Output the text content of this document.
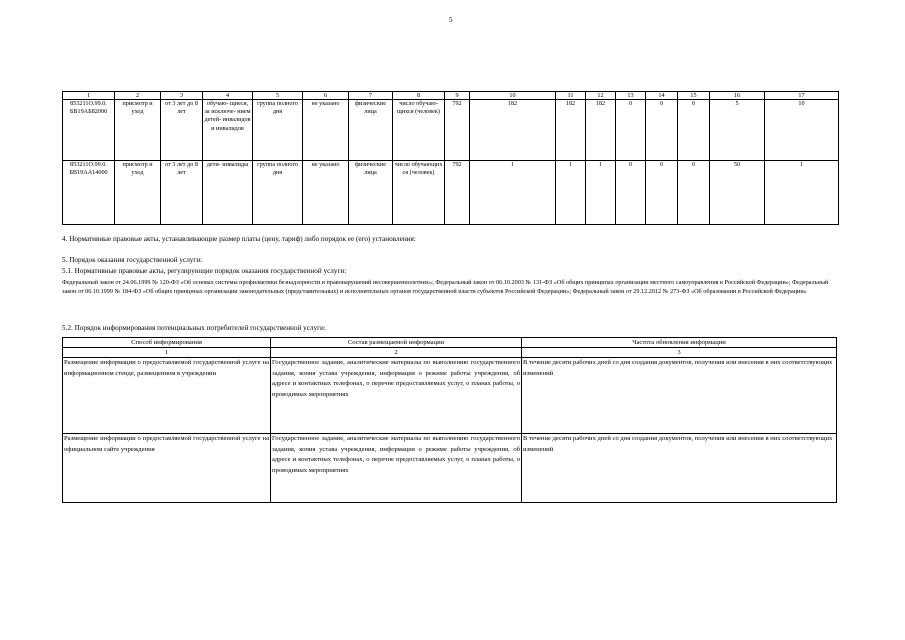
5
1	2	3	4	5	6	7	8	9	10	11	12	13	14	15	16	17
853211О.99.0. БВ19АБ82000	присмотр и уход	от 3 лет до 8 лет	обучаю- щиеся, за исключе- нием детей- инвалидов и инвалидов	группа полного дня	не указано	физические лица	число обучаю- щихся (человек)	792	182	182	182	0	0	0	5	10
853211О.99.0. БВ19АА14000	присмотр и уход	от 3 лет до 8 лет	дети- инвалиды	группа полного дня	не указано	физические лица	число обучающих ся (человек)	792	1	1	1	0	0	0	50	1
4. Нормативные правовые акты, устанавливающие размер платы (цену, тариф) либо порядок ее (его) установления:
5. Порядок оказания государственной услуги:
5.1. Нормативные правовые акты, регулирующие порядок оказания государственной услуги:
Федеральный закон от 24.06.1999 № 120-ФЗ «Об основах системы профилактики безнадзорности и правонарушений несовершеннолетних»; Федеральный закон от 06.10.2003 № 131-ФЗ «Об общих принципах организации местного самоуправления в Российской Федерации»; Федеральный закон от 06.10.1999 № 184-ФЗ «Об общих принципах организации законодательных (представительных) и исполнительных органов государственной власти субъектов Российской Федерации»; Федеральный закон от 29.12.2012 № 273-ФЗ «Об образовании в Российской Федерации»
5.2. Порядок информирования потенциальных потребителей государственной услуги:
Способ информирования	Состав размещаемой информации	Частота обновления информации
1	2	3
Размещение информации о предоставляемой государственной услуге на информационном стенде, размещенном в учреждении	Государственное задание, аналитические материалы по выполнению государственного задания, копия устава учреждения, информация о режиме работы учреждения, об адресе и контактных телефонах, о перечне предоставляемых услуг, о планах работы, о проводимых мероприятиях	В течение десяти рабочих дней со дня создания документов, получения или внесения в них соответствующих изменений
Размещение информации о предоставляемой государственной услуге на официальном сайте учреждения	Государственное задание, аналитические материалы по выполнению государственного задания, копия устава учреждения, информация о режиме работы учреждения, об адресе и контактных телефонах, о перечне предоставляемых услуг, о планах работы, о проводимых мероприятиях	В течение десяти рабочих дней со дня создания документов, получения или внесения в них соответствующих изменений
